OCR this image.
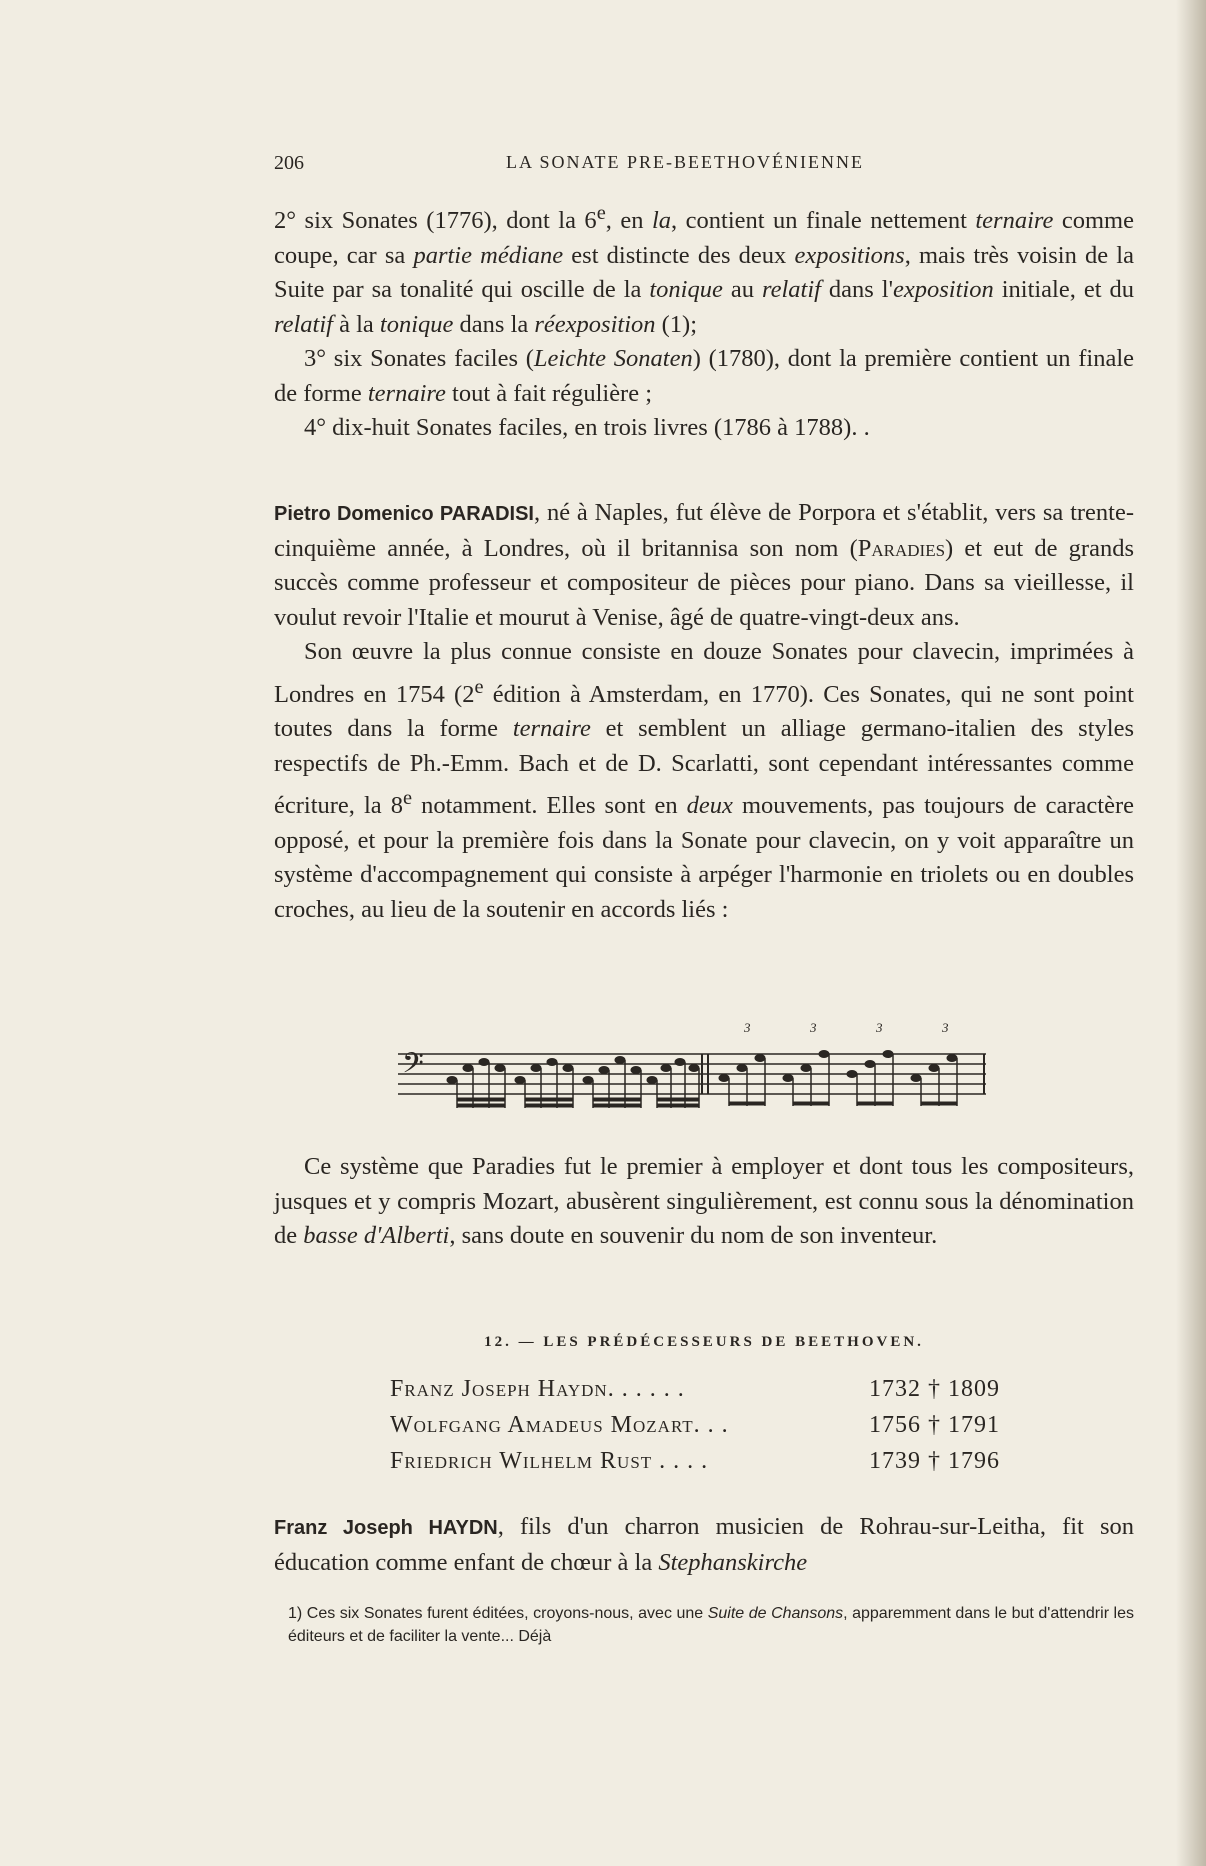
206	LA SONATE PRE-BEETHOVÉNIENNE

2° six Sonates (1776), dont la 6e, en la, contient un finale nettement ternaire comme coupe, car sa partie médiane est distincte des deux expositions, mais très voisin de la Suite par sa tonalité qui oscille de la tonique au relatif dans l'exposition initiale, et du relatif à la tonique dans la réexposition (1);

3° six Sonates faciles (Leichte Sonaten) (1780), dont la première contient un finale de forme ternaire tout à fait régulière ;

4° dix-huit Sonates faciles, en trois livres (1786 à 1788). .

Pietro Domenico PARADISI, né à Naples, fut élève de Porpora et s'établit, vers sa trente-cinquième année, à Londres, où il britannisa son nom (Paradies) et eut de grands succès comme professeur et compositeur de pièces pour piano. Dans sa vieillesse, il voulut revoir l'Italie et mourut à Venise, âgé de quatre-vingt-deux ans.

Son œuvre la plus connue consiste en douze Sonates pour clavecin, imprimées à Londres en 1754 (2e édition à Amsterdam, en 1770). Ces Sonates, qui ne sont point toutes dans la forme ternaire et semblent un alliage germano-italien des styles respectifs de Ph.-Emm. Bach et de D. Scarlatti, sont cependant intéressantes comme écriture, la 8e notamment. Elles sont en deux mouvements, pas toujours de caractère opposé, et pour la première fois dans la Sonate pour clavecin, on y voit apparaître un système d'accompagnement qui consiste à arpéger l'harmonie en triolets ou en doubles croches, au lieu de la soutenir en accords liés :

𝄢
3	3	3	3

Ce système que Paradies fut le premier à employer et dont tous les compositeurs, jusques et y compris Mozart, abusèrent singulièrement, est connu sous la dénomination de basse d'Alberti, sans doute en souvenir du nom de son inventeur.

12. — LES PRÉDÉCESSEURS DE BEETHOVEN.
Franz Joseph Haydn. . . . . .	1732 † 1809
Wolfgang Amadeus Mozart. . .	1756 † 1791
Friedrich Wilhelm Rust . . . .	1739 † 1796

Franz Joseph HAYDN, fils d'un charron musicien de Rohrau-sur-Leitha, fit son éducation comme enfant de chœur à la Stephanskirche

1) Ces six Sonates furent éditées, croyons-nous, avec une Suite de Chansons, apparemment dans le but d'attendrir les éditeurs et de faciliter la vente... Déjà
